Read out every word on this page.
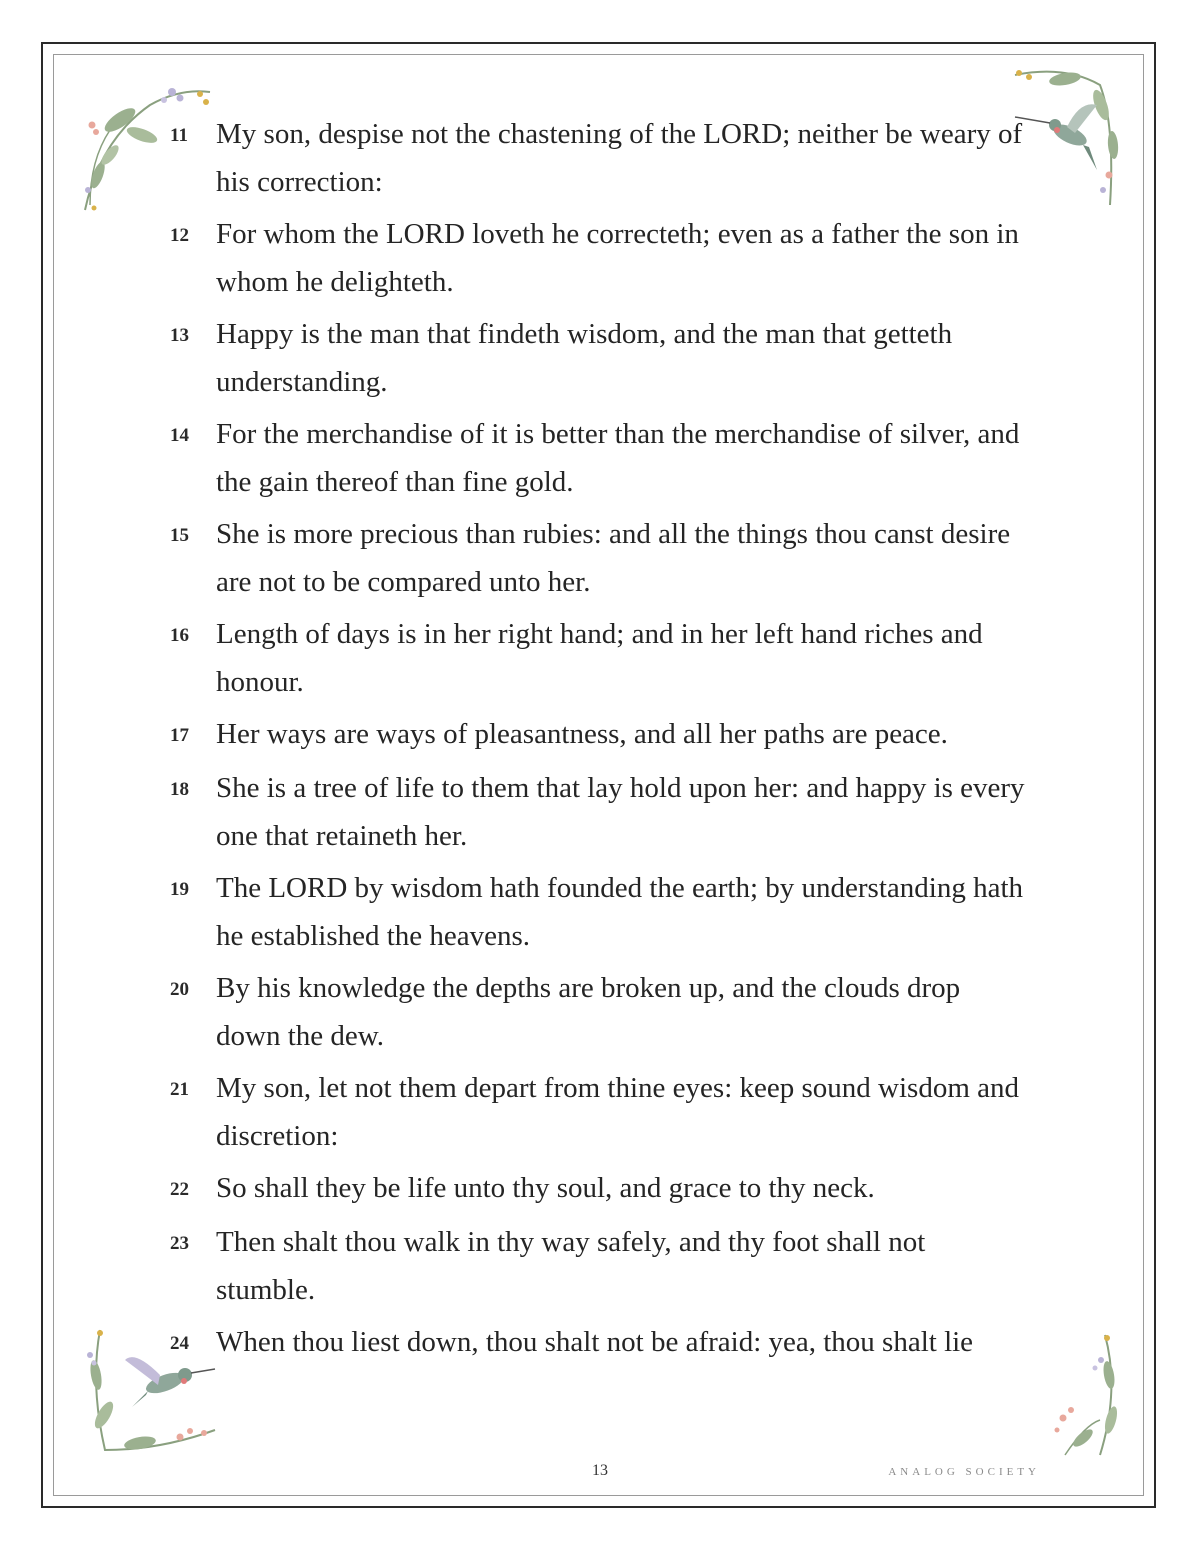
11 My son, despise not the chastening of the LORD; neither be weary of his correction:
12 For whom the LORD loveth he correcteth; even as a father the son in whom he delighteth.
13 Happy is the man that findeth wisdom, and the man that getteth understanding.
14 For the merchandise of it is better than the merchandise of silver, and the gain thereof than fine gold.
15 She is more precious than rubies: and all the things thou canst desire are not to be compared unto her.
16 Length of days is in her right hand; and in her left hand riches and honour.
17 Her ways are ways of pleasantness, and all her paths are peace.
18 She is a tree of life to them that lay hold upon her: and happy is every one that retaineth her.
19 The LORD by wisdom hath founded the earth; by understanding hath he established the heavens.
20 By his knowledge the depths are broken up, and the clouds drop down the dew.
21 My son, let not them depart from thine eyes: keep sound wisdom and discretion:
22 So shall they be life unto thy soul, and grace to thy neck.
23 Then shalt thou walk in thy way safely, and thy foot shall not stumble.
24 When thou liest down, thou shalt not be afraid: yea, thou shalt lie
13	ANALOG SOCIETY
